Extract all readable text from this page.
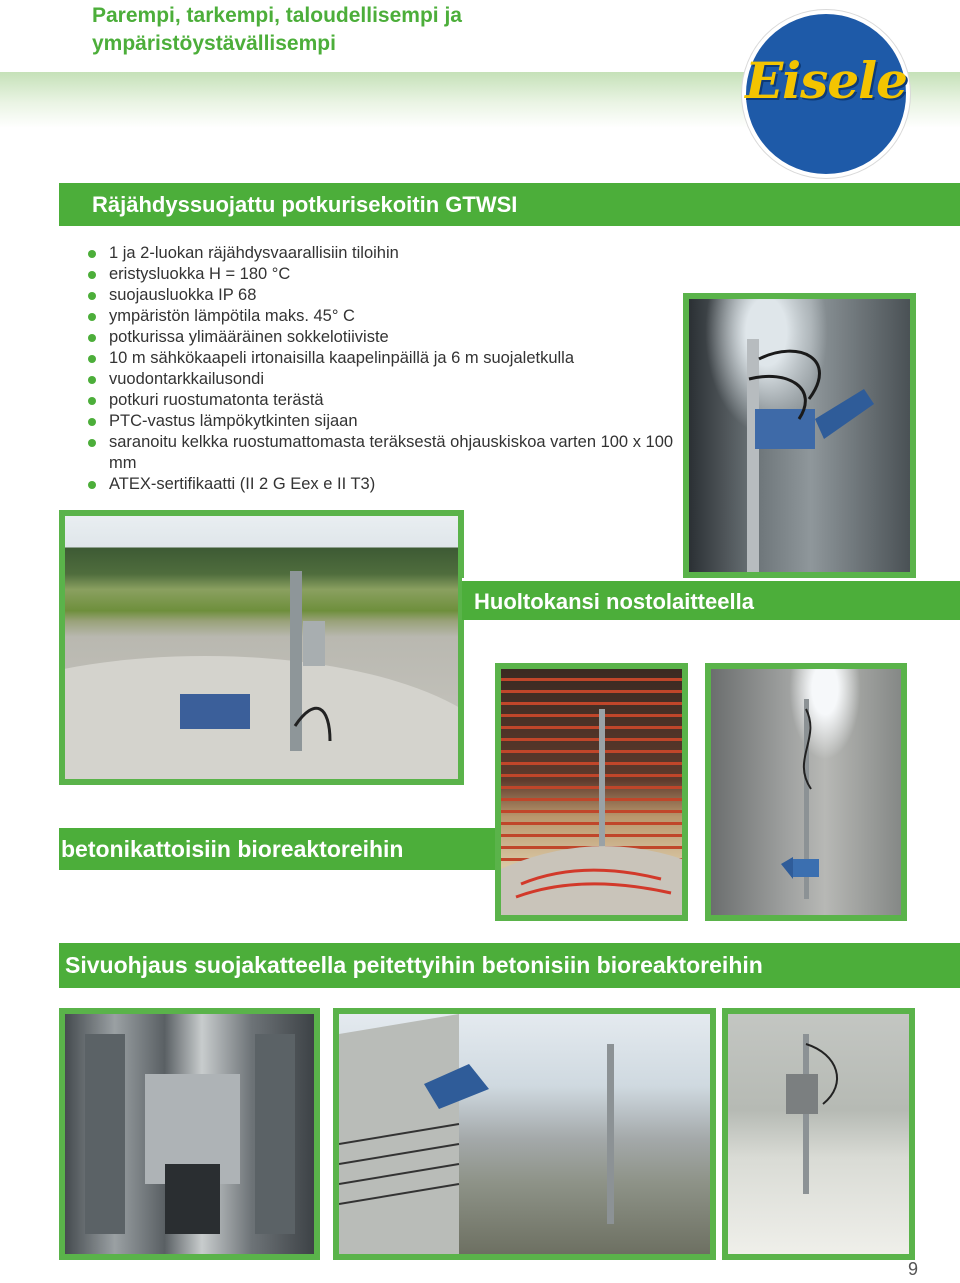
Parempi, tarkempi, taloudellisempi ja
ympäristöystävällisempi
Eisele
Räjähdyssuojattu potkurisekoitin GTWSI
1 ja 2-luokan räjähdysvaarallisiin tiloihin
eristysluokka H = 180 °C
suojausluokka IP 68
ympäristön lämpötila maks. 45° C
potkurissa ylimääräinen sokkelotiiviste
10 m sähkökaapeli irtonaisilla kaapelinpäillä ja 6 m suojaletkulla
vuodontarkkailusondi
potkuri ruostumatonta terästä
PTC-vastus lämpökytkinten sijaan
saranoitu kelkka ruostumattomasta teräksestä ohjauskiskoa varten 100 x 100 mm
ATEX-sertifikaatti (II 2 G Eex e II T3)
Huoltokansi nostolaitteella
betonikattoisiin bioreaktoreihin
Sivuohjaus suojakatteella peitettyihin betonisiin bioreaktoreihin
9
